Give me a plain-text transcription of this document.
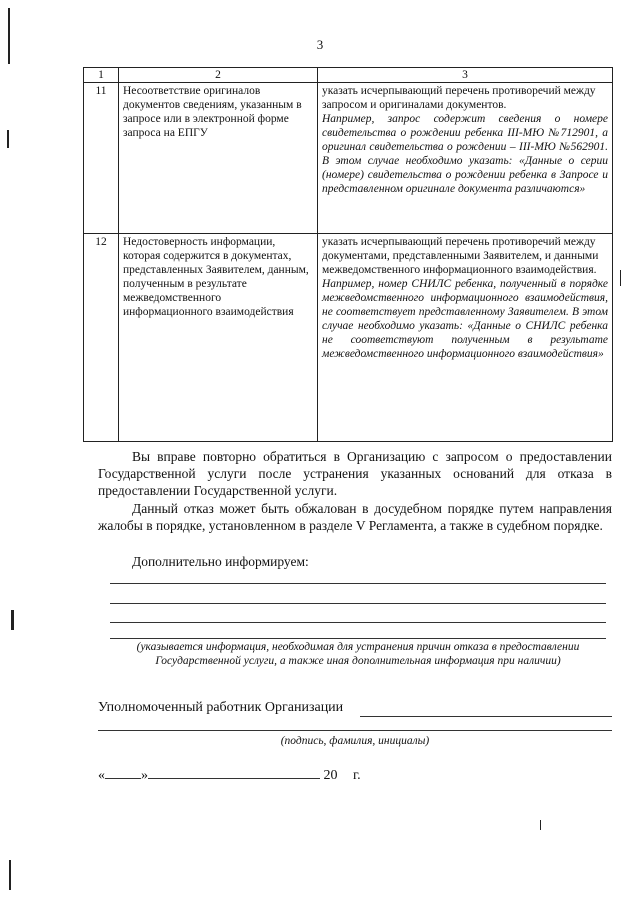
3
1	2	3
11	Несоответствие оригиналов документов сведениям, указанным в запросе или в электронной форме запроса на ЕПГУ	указать исчерпывающий перечень противоречий между запросом и оригиналами документов.
Например, запрос содержит сведения о номере свидетельства о рождении ребенка III-МЮ №712901, а оригинал свидетельства о рождении – III-МЮ №562901. В этом случае необходимо указать: «Данные о серии (номере) свидетельства о рождении ребенка в Запросе и представленном оригинале документа различаются»

12	Недостоверность информации, которая содержится в документах, представленных Заявителем, данным, полученным в результате межведомственного информационного взаимодействия	указать исчерпывающий перечень противоречий между документами, представленными Заявителем, и данными межведомственного информационного взаимодействия.
Например, номер СНИЛС ребенка, полученный в порядке межведомственного информационного взаимодействия, не соответствует представленному Заявителем. В этом случае необходимо указать: «Данные о СНИЛС ребенка не соответствуют полученным в результате межведомственного информационного взаимодействия»
Вы вправе повторно обратиться в Организацию с запросом о предоставлении Государственной услуги после устранения указанных оснований для отказа в предоставлении Государственной услуги.
Данный отказ может быть обжалован в досудебном порядке путем направления жалобы в порядке, установленном в разделе V Регламента, а также в судебном порядке.
Дополнительно информируем:
(указывается информация, необходимая для устранения причин отказа в предоставлении Государственной услуги, а также иная дополнительная информация при наличии)
Уполномоченный работник Организации
(подпись, фамилия, инициалы)
«	»	20 г.
